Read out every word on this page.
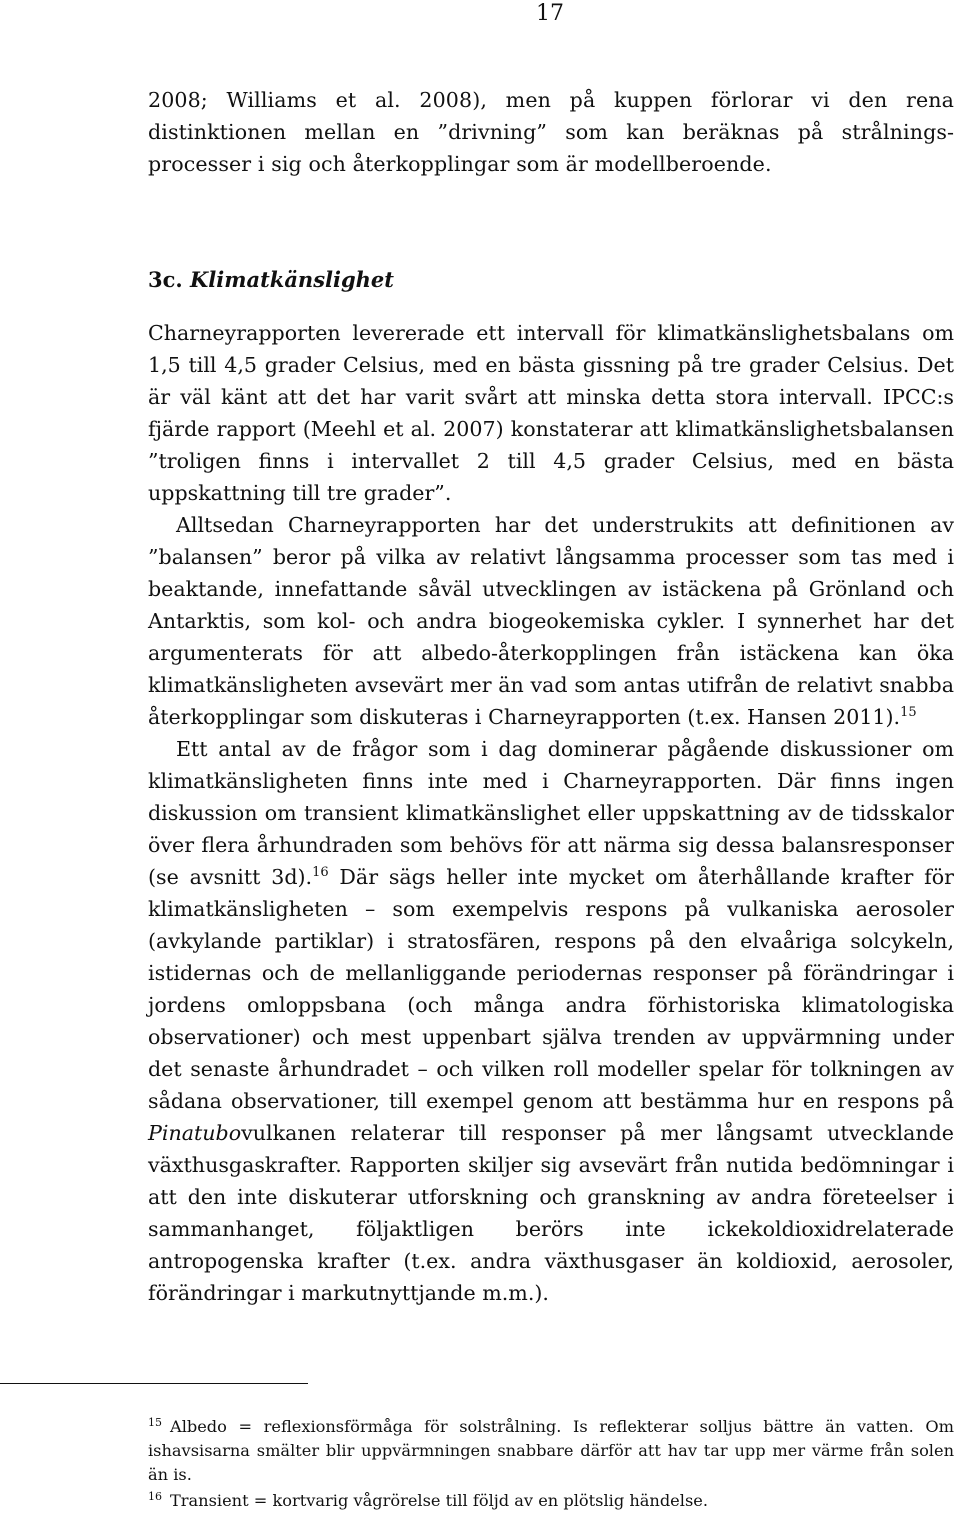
17

2008; Williams et al. 2008), men på kuppen förlorar vi den rena distinktionen mellan en ”drivning” som kan beräknas på strålningsprocesser i sig och återkopplingar som är modellberoende.

3c. Klimatkänslighet

Charneyrapporten levererade ett intervall för klimatkänslighetsbalans om 1,5 till 4,5 grader Celsius, med en bästa gissning på tre grader Celsius. Det är väl känt att det har varit svårt att minska detta stora intervall. IPCC:s fjärde rapport (Meehl et al. 2007) konstaterar att klimatkänslighetsbalansen ”troligen finns i intervallet 2 till 4,5 grader Celsius, med en bästa uppskattning till tre grader”.

Alltsedan Charneyrapporten har det understrukits att definitionen av ”balansen” beror på vilka av relativt långsamma processer som tas med i beaktande, innefattande såväl utvecklingen av istäckena på Grönland och Antarktis, som kol- och andra biogeokemiska cykler. I synnerhet har det argumenterats för att albedo-återkopplingen från istäckena kan öka klimatkänsligheten avsevärt mer än vad som antas utifrån de relativt snabba återkopplingar som diskuteras i Charneyrapporten (t.ex. Hansen 2011).$^{15}$

Ett antal av de frågor som i dag dominerar pågående diskussioner om klimatkänsligheten finns inte med i Charneyrapporten. Där finns ingen diskussion om transient klimatkänslighet eller uppskattning av de tidsskalor över flera århundraden som behövs för att närma sig dessa balansresponser (se avsnitt 3d).$^{16}$ Där sägs heller inte mycket om återhållande krafter för klimatkänsligheten – som exempelvis respons på vulkaniska aerosoler (avkylande partiklar) i stratosfären, respons på den elvaåriga solcykeln, istidernas och de mellanliggande periodernas responser på förändringar i jordens omloppsbana (och många andra förhistoriska klimatologiska observationer) och mest uppenbart själva trenden av uppvärmning under det senaste århundradet – och vilken roll modeller spelar för tolkningen av sådana observationer, till exempel genom att bestämma hur en respons på Pinatubovulkanen relaterar till responser på mer långsamt utvecklande växthusgaskrafter. Rapporten skiljer sig avsevärt från nutida bedömningar i att den inte diskuterar utforskning och granskning av andra företeelser i sammanhanget, följaktligen berörs inte ickekoldioxidrelaterade antropogenska krafter (t.ex. andra växthusgaser än koldioxid, aerosoler, förändringar i markutnyttjande m.m.).

$^{15}$ Albedo = reflexionsförmåga för solstrålning. Is reflekterar solljus bättre än vatten. Om ishavsisarna smälter blir uppvärmningen snabbare därför att hav tar upp mer värme från solen än is.

$^{16}$ Transient = kortvarig vågrörelse till följd av en plötslig händelse.
